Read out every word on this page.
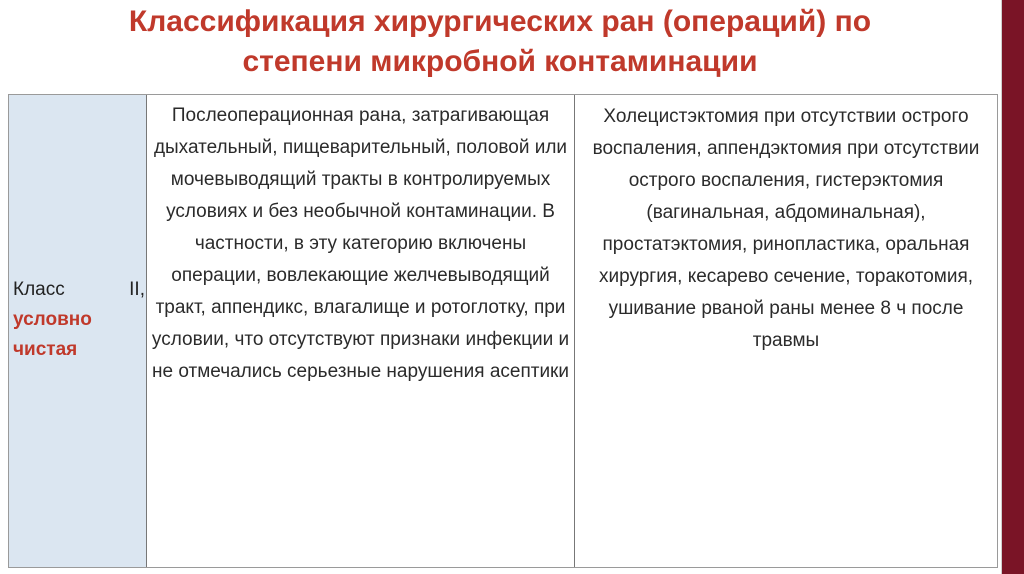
Классификация хирургических ран (операций) по
степени микробной контаминации
Класс	II,
условно чистая

Послеоперационная рана, затрагивающая дыхательный, пищеварительный, половой или мочевыводящий тракты в контролируемых условиях и без необычной контаминации. В частности, в эту категорию включены операции, вовлекающие желчевыводящий тракт, аппендикс, влагалище и ротоглотку, при условии, что отсутствуют признаки инфекции и не отмечались серьезные нарушения асептики

Холецистэктомия при отсутствии острого воспаления, аппендэктомия при отсутствии острого воспаления, гистерэктомия (вагинальная, абдоминальная), простатэктомия, ринопластика, оральная хирургия, кесарево сечение, торакотомия, ушивание рваной раны менее 8 ч после травмы
